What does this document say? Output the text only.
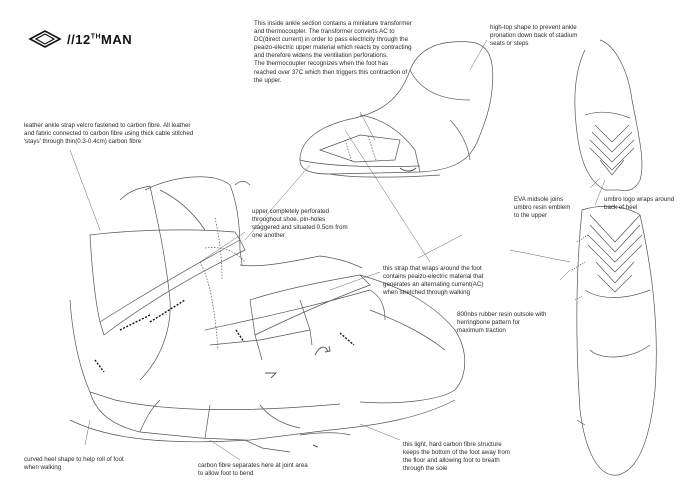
//12THMAN
This inside ankle section contains a miniature transformer and thermocoupler. The transformer converts AC to DC(direct current) in order to pass electricity through the peaizo-electric upper material which reacts by contracting and therefore widens the ventilation perforations.
The thermocoupler recognizes when the foot has reached over 37C which then triggers this contraction of the upper.
high-top shape to prevent ankle pronation down back of stadium seats or steps
leather ankle strap velcro fastened to carbon fibre. All leather and fabric connected to carbon fibre using thick cable stitched 'stays' through thin(0.3-0.4cm) carbon fibre
upper completely perforated throughout shoe. pin-holes staggered and situated 0.5cm from one another
EVA midsole joins umbro resin emblem to the upper
umbro logo wraps around back of heel
this strap that wraps around the foot contains peaizo-electric material that generates an alternating current(AC) when stretched through walking
800nbs rubber resin outsole with herringbone pattern for maximum traction
curved heel shape to help roll of foot when walking	carbon fibre separates here at joint area to allow foot to bend
this light, hard carbon fibre structure keeps the bottom of the foot away from the floor and allowing foot to breath through the sole
